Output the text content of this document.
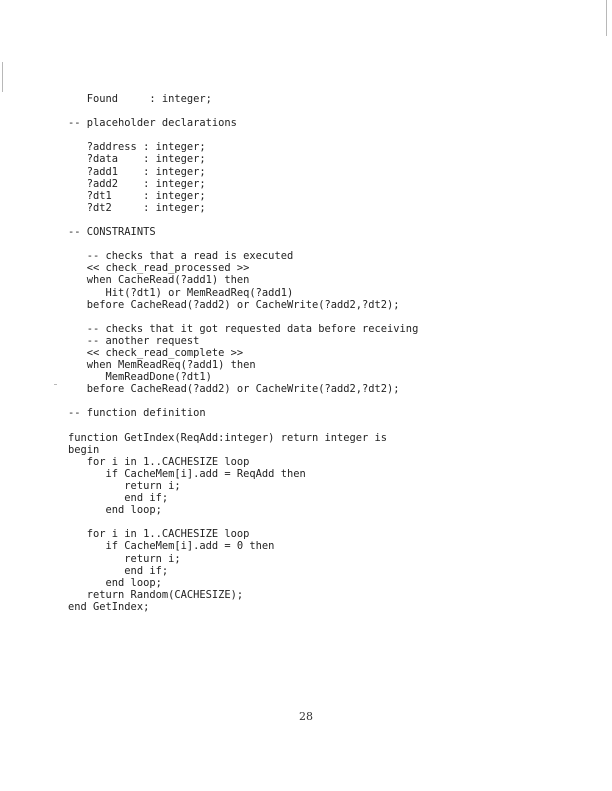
Found     : integer;
-- placeholder declarations
?address : integer;
?data    : integer;
?add1    : integer;
?add2    : integer;
?dt1     : integer;
?dt2     : integer;
-- CONSTRAINTS
-- checks that a read is executed
<< check_read_processed >>
when CacheRead(?add1) then
Hit(?dt1) or MemReadReq(?add1)
before CacheRead(?add2) or CacheWrite(?add2,?dt2);
-- checks that it got requested data before receiving
-- another request
<< check_read_complete >>
when MemReadReq(?add1) then
MemReadDone(?dt1)
before CacheRead(?add2) or CacheWrite(?add2,?dt2);
-- function definition
function GetIndex(ReqAdd:integer) return integer is
begin
for i in 1..CACHESIZE loop
if CacheMem[i].add = ReqAdd then
return i;
end if;
end loop;
for i in 1..CACHESIZE loop
if CacheMem[i].add = 0 then
return i;
end if;
end loop;
return Random(CACHESIZE);
end GetIndex;
28
